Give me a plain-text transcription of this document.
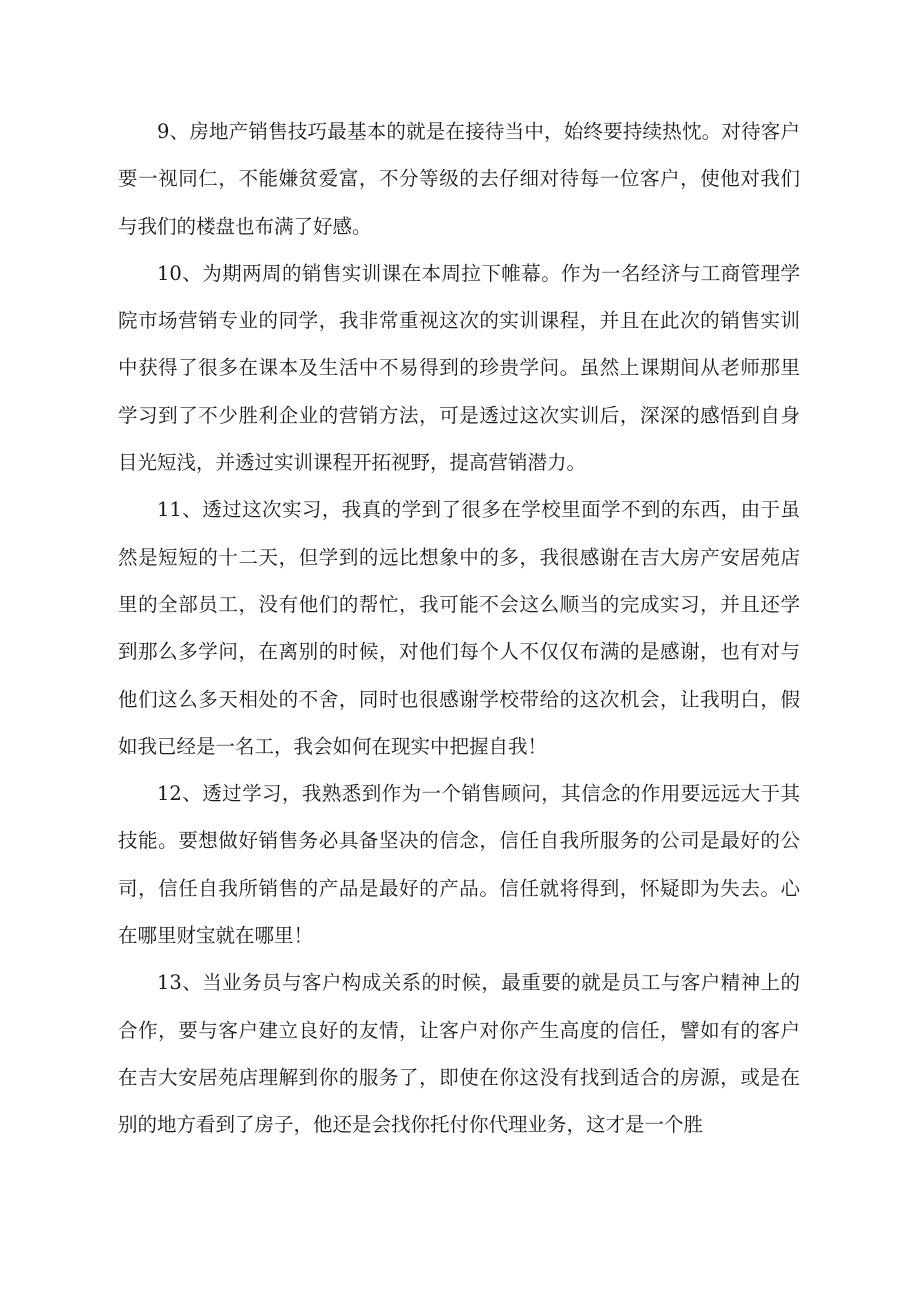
9、房地产销售技巧最基本的就是在接待当中，始终要持续热忱。对待客户要一视同仁，不能嫌贫爱富，不分等级的去仔细对待每一位客户，使他对我们与我们的楼盘也布满了好感。

10、为期两周的销售实训课在本周拉下帷幕。作为一名经济与工商管理学院市场营销专业的同学，我非常重视这次的实训课程，并且在此次的销售实训中获得了很多在课本及生活中不易得到的珍贵学问。虽然上课期间从老师那里学习到了不少胜利企业的营销方法，可是透过这次实训后，深深的感悟到自身目光短浅，并透过实训课程开拓视野，提高营销潜力。

11、透过这次实习，我真的学到了很多在学校里面学不到的东西，由于虽然是短短的十二天，但学到的远比想象中的多，我很感谢在吉大房产安居苑店里的全部员工，没有他们的帮忙，我可能不会这么顺当的完成实习，并且还学到那么多学问，在离别的时候，对他们每个人不仅仅布满的是感谢，也有对与他们这么多天相处的不舍，同时也很感谢学校带给的这次机会，让我明白，假如我已经是一名工，我会如何在现实中把握自我！

12、透过学习，我熟悉到作为一个销售顾问，其信念的作用要远远大于其技能。要想做好销售务必具备坚决的信念，信任自我所服务的公司是最好的公司，信任自我所销售的产品是最好的产品。信任就将得到，怀疑即为失去。心在哪里财宝就在哪里！

13、当业务员与客户构成关系的时候，最重要的就是员工与客户精神上的合作，要与客户建立良好的友情，让客户对你产生高度的信任，譬如有的客户在吉大安居苑店理解到你的服务了，即使在你这没有找到适合的房源，或是在别的地方看到了房子，他还是会找你托付你代理业务，这才是一个胜
